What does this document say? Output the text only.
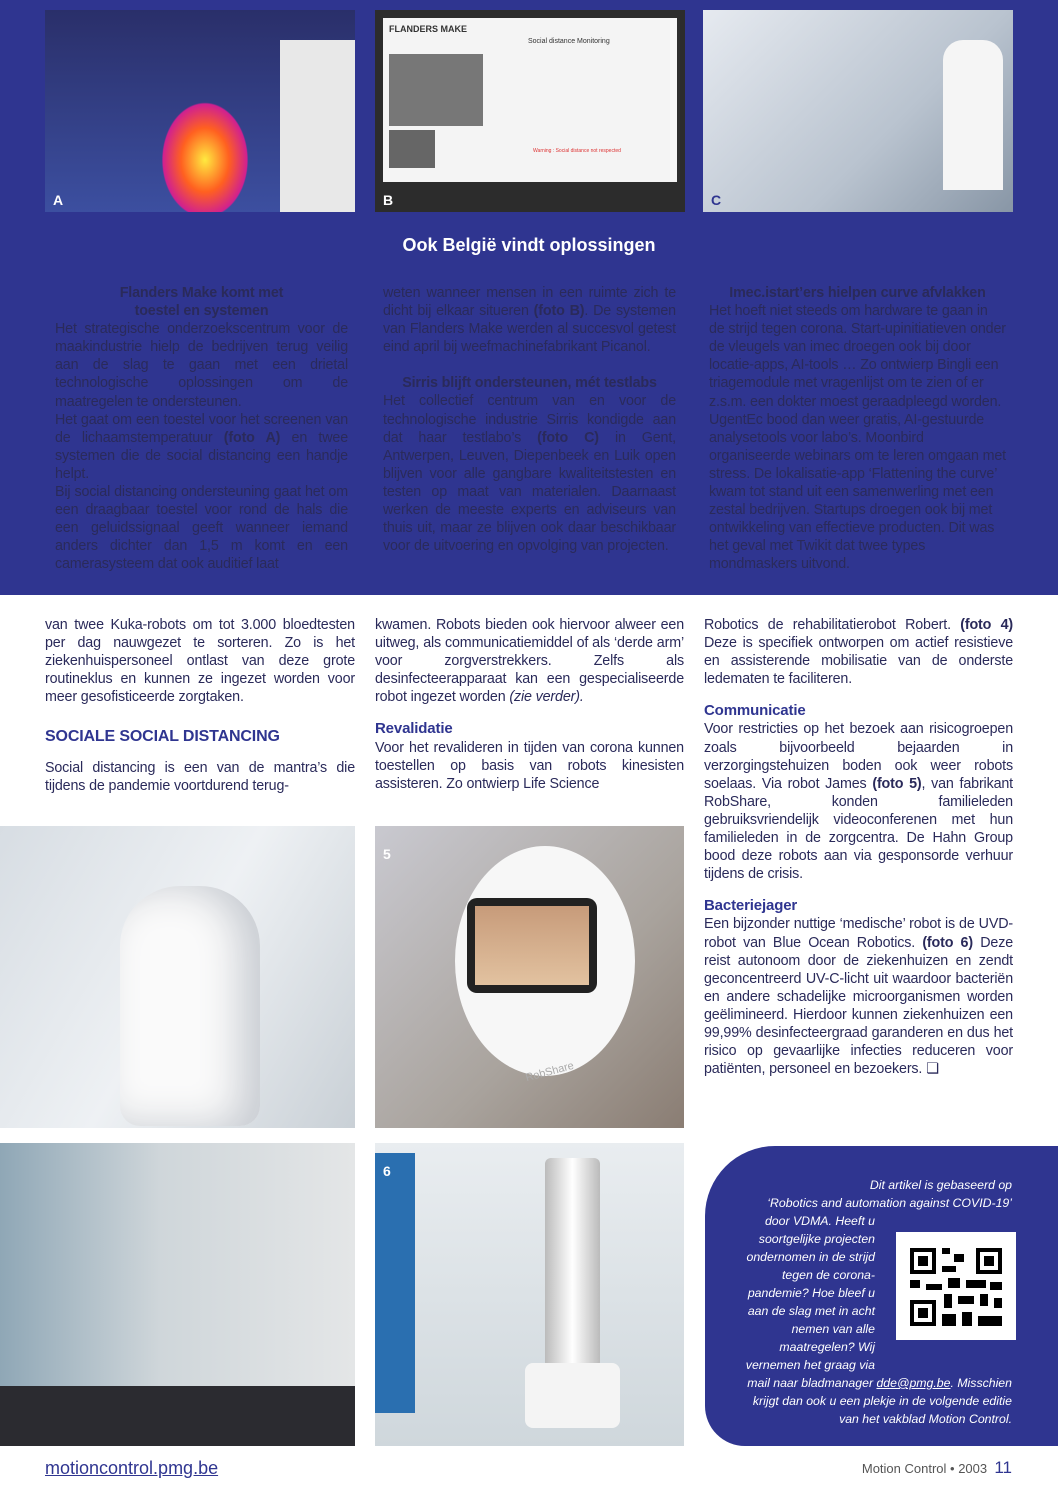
A
FLANDERS MAKE
Social distance Monitoring
Warning : Social distance not respected
B	C
Ook België vindt oplossingen
Flanders Make komt met toestel en systemen

Het strategische onderzoekscentrum voor de maakindustrie hielp de bedrijven terug veilig aan de slag te gaan met een drietal technologische oplossingen om de maatregelen te ondersteunen.

Het gaat om een toestel voor het screenen van de lichaamstemperatuur (foto A) en twee systemen die de social distancing een handje helpt.

Bij social distancing ondersteuning gaat het om een draagbaar toestel voor rond de hals die een geluidssignaal geeft wanneer iemand anders dichter dan 1,5 m komt en een camerasysteem dat ook auditief laat

weten wanneer mensen in een ruimte zich te dicht bij elkaar situeren (foto B). De systemen van Flanders Make werden al succesvol getest eind april bij weefmachinefabrikant Picanol.

Sirris blijft ondersteunen, mét testlabs

Het collectief centrum van en voor de technologische industrie Sirris kondigde aan dat haar testlabo’s (foto C) in Gent, Antwerpen, Leuven, Diepenbeek en Luik open blijven voor alle gangbare kwaliteitstesten en testen op maat van materialen. Daarnaast werken de meeste experts en adviseurs van thuis uit, maar ze blijven ook daar beschikbaar voor de uitvoering en opvolging van projecten.

Imec.istart’ers hielpen curve afvlakken

Het hoeft niet steeds om hardware te gaan in de strijd tegen corona. Start-upinitiatieven onder de vleugels van imec droegen ook bij door locatie-apps, AI-tools … Zo ontwierp Bingli een triagemodule met vragenlijst om te zien of er z.s.m. een dokter moest geraadpleegd worden. UgentEc bood dan weer gratis, AI-gestuurde analysetools voor labo’s. Moonbird organiseerde webinars om te leren omgaan met stress. De lokalisatie-app ‘Flattening the curve’ kwam tot stand uit een samenwerling met een zestal bedrijven. Startups droegen ook bij met ontwikkeling van effectieve producten. Dit was het geval met Twikit dat twee types mondmaskers uitvond.

van twee Kuka-robots om tot 3.000 bloedtesten per dag nauwgezet te sorteren. Zo is het ziekenhuispersoneel ontlast van deze grote routineklus en kunnen ze ingezet worden voor meer gesofisticeerde zorgtaken.

SOCIALE SOCIAL DISTANCING

Social distancing is een van de mantra’s die tijdens de pandemie voortdurend terug-

kwamen. Robots bieden ook hiervoor alweer een uitweg, als communicatiemiddel of als ‘derde arm’ voor zorgverstrekkers. Zelfs als desinfecteerapparaat kan een gespecialiseerde robot ingezet worden (zie verder).

Revalidatie

Voor het revalideren in tijden van corona kunnen toestellen op basis van robots kinesisten assisteren. Zo ontwierp Life Science

Robotics de rehabilitatierobot Robert. (foto 4) Deze is specifiek ontworpen om actief resistieve en assisterende mobilisatie van de onderste ledematen te faciliteren.

Communicatie

Voor restricties op het bezoek aan risicogroepen zoals bijvoorbeeld bejaarden in verzorgingstehuizen boden ook weer robots soelaas. Via robot James (foto 5), van fabrikant RobShare, konden familieleden gebruiksvriendelijk videoconferenen met hun familieleden in de zorgcentra. De Hahn Group bood deze robots aan via gesponsorde verhuur tijdens de crisis.

Bacteriejager

Een bijzonder nuttige ‘medische’ robot is de UVD-robot van Blue Ocean Robotics. (foto 6) Deze reist autonoom door de ziekenhuizen en zendt geconcentreerd UV-C-licht uit waardoor bacteriën en andere schadelijke microorganismen worden geëlimineerd. Hierdoor kunnen ziekenhuizen een 99,99% desinfecteergraad garanderen en dus het risico op gevaarlijke infecties reduceren voor patiënten, personeel en bezoekers. ❏

RobShare
5
6
Dit artikel is gebaseerd op
‘Robotics and automation against COVID-19’
door VDMA. Heeft u
soortgelijke projecten
ondernomen in de strijd
tegen de corona-
pandemie? Hoe bleef u
aan de slag met in acht
nemen van alle
maatregelen? Wij
vernemen het graag via
mail naar bladmanager dde@pmg.be. Misschien
krijgt dan ook u een plekje in de volgende editie
van het vakblad Motion Control.
motioncontrol.pmg.be	Motion Control • 2003 11
